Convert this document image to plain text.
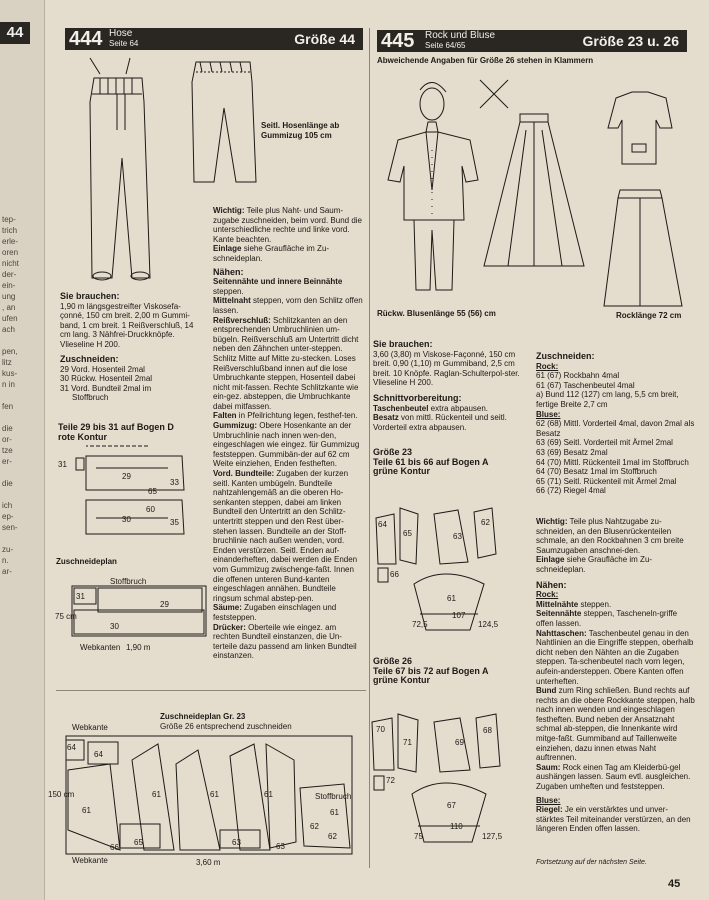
44
tep-
trich
erle-
oren
nicht
der-
ein-
ung
, an
ufen
ach

pen,
litz
kus-
n in

fen

die
or-
tze
er-

die

ich
ep-
sen-

zu-
n.
ar-
444 Hose
Seite 64	Größe 44
Seitl. Hosenlänge ab Gummizug 105 cm
Sie brauchen:
1,90 m längsgestreifter Viskosefa-çonné, 150 cm breit. 2,00 m Gummi-band, 1 cm breit. 1 Reißverschluß, 14 cm lang. 3 Nähfrei-Druckknöpfe. Vlieseline H 200.
Zuschneiden:
29 Vord. Hosenteil 2mal
30 Rückw. Hosenteil 2mal
31 Vord. Bundteil 2mal im
Stoffbruch
Teile 29 bis 31 auf Bogen D
rote Kontur
31
29
30
65
33
60
35
Zuschneideplan
Stoffbruch
31
29
30
75 cm
Webkanten 1,90 m
Wichtig: Teile plus Naht- und Saum-zugabe zuschneiden, beim vord. Bund die unterschiedliche rechte und linke vord. Kante beachten.
Einlage siehe Graufläche im Zu-schneideplan.
Nähen:
Seitennähte und innere Beinnähte steppen.
Mittelnaht steppen, vorn den Schlitz offen lassen.
Reißverschluß: Schlitzkanten an den entsprechenden Umbruchlinien um-bügeln. Reißverschluß am Untertritt dicht neben den Zähnchen unter-steppen. Schlitz Mitte auf Mitte zu-stecken. Loses Reißverschlußband innen auf die lose Umbruchkante steppen, Hosenteil dabei nicht mit-fassen. Rechte Schlitzkante wie ein-gez. absteppen, die Umbruchkante dabei mitfassen.
Falten in Pfeilrichtung legen, festhef-ten.
Gummizug: Obere Hosenkante an der Umbruchlinie nach innen wen-den, eingeschlagen wie eingez. für Gummizug feststeppen. Gummibän-der auf 62 cm Weite einziehen, Enden festheften.
Vord. Bundteile: Zugaben der kurzen seitl. Kanten umbügeln. Bundteile nahtzahlengemäß an die oberen Ho-senkanten steppen, dabei am linken Bundteil den Untertritt an den Schlitz-untertritt steppen und den Rest über-stehen lassen. Bundteile an der Stoff-bruchlinie nach außen wenden, vord. Enden verstürzen. Seitl. Enden auf-einanderheften, dabei werden die Enden vom Gummizug zwischenge-faßt. Innen die offenen unteren Bund-kanten eingeschlagen annähen. Bundteile ringsum schmal abstep-pen.
Säume: Zugaben einschlagen und feststeppen.
Drücker: Oberteile wie eingez. am rechten Bundteil einstanzen, die Un-terteile dazu passend am linken Bundteil einstanzen.
Zuschneideplan Gr. 23
Größe 26 entsprechend zuschneiden
Webkante
Webkante
Stoffbruch
3,60 m
150 cm
64
64
61
61	61	61
65	63	63
62
61
62
66
445 Rock und Bluse
Seite 64/65	Größe 23 u. 26
Abweichende Angaben für Größe 26 stehen in Klammern
Rückw. Blusenlänge 55 (56) cm	Rocklänge 72 cm
Sie brauchen:
3,60 (3,80) m Viskose-Façonné, 150 cm breit. 0,90 (1,10) m Gummiband, 2,5 cm breit. 10 Knöpfe. Raglan-Schulterpol-ster. Vlieseline H 200.
Schnittvorbereitung:
Taschenbeutel extra abpausen.
Besatz von mittl. Rückenteil und seitl. Vorderteil extra abpausen.
Größe 23
Teile 61 bis 66 auf Bogen A
grüne Kontur
64
65	63
62
66
61
107
72,5	124,5
Größe 26
Teile 67 bis 72 auf Bogen A
grüne Kontur
70
71	69
68
72
67
110
75	127,5
Zuschneiden:
Rock:
61 (67) Rockbahn 4mal
61 (67) Taschenbeutel 4mal
a) Bund 112 (127) cm lang, 5,5 cm breit, fertige Breite 2,7 cm
Bluse:
62 (68) Mittl. Vorderteil 4mal, davon 2mal als Besatz
63 (69) Seitl. Vorderteil mit Ärmel 2mal
63 (69) Besatz 2mal
64 (70) Mittl. Rückenteil 1mal im Stoffbruch
64 (70) Besatz 1mal im Stoffbruch
65 (71) Seitl. Rückenteil mit Ärmel 2mal
66 (72) Riegel 4mal
Wichtig: Teile plus Nahtzugabe zu-schneiden, an den Blusenrückenteilen schmale, an den Rockbahnen 3 cm breite Saumzugaben anschnei-den.
Einlage siehe Graufläche im Zu-schneideplan.
Nähen:
Rock:
Mittelnähte steppen.
Seitennähte steppen, Tascheneln-griffe offen lassen.
Nahttaschen: Taschenbeutel genau in den Nahtlinien an die Eingriffe steppen, oberhalb dicht neben den Nähten an die Zugaben steppen. Ta-schenbeutel nach vorn legen, aufein-anderstеppen. Obere Kanten offen unterheften.
Bund zum Ring schließen. Bund rechts auf rechts an die obere Rockkante steppen, halb nach innen wenden und eingeschlagen festheften. Bund neben der Ansatznaht schmal ab-steppen, die Innenkante wird mitge-faßt. Gummiband auf Taillenweite einziehen, dazu innen etwas Naht auftrennen.
Saum: Rock einen Tag am Kleiderbü-gel aushängen lassen. Saum evtl. ausgleichen. Zugaben umheften und feststeppen.
Bluse:
Riegel: Je ein verstärktes und unver-stärktes Teil miteinander verstürzen, an den längeren Enden offen lassen.
Fortsetzung auf der nächsten Seite.
45
